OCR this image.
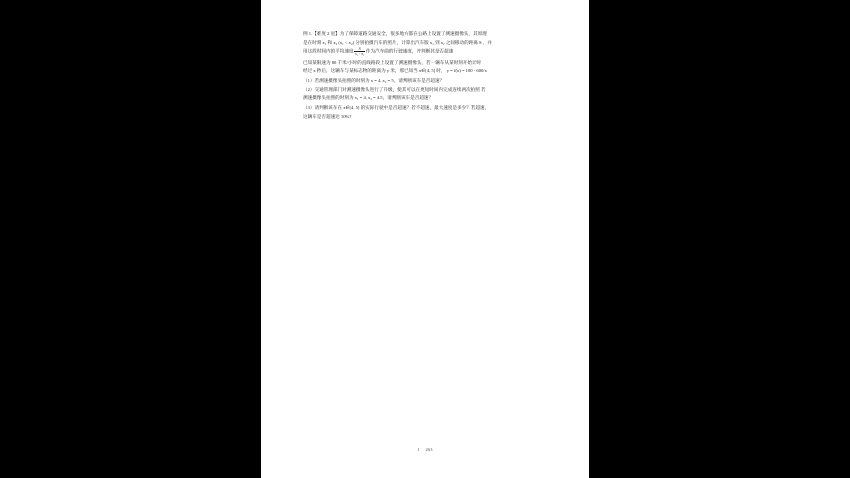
例 1.【难度 2 星】为了保障道路交通安全，很多地方都在公路上设置了测速摄像头，其原理

是在时刻 x₁ 和 x₂ (x₁ < x₂) 分别拍摄汽车的照片，计算出汽车版 x₁ 到 x₂ 之间移动的距离 S ，并

用这段时间内的平均速度 $\frac{S}{\text{x₂ - x₁}}$ 作为汽车曲的行驶速度，并判断其是否超速

已知某限速为 80 千米/小时的直线路段上设置了测速摄像头，若一辆车从某时刻开始计时

经过 x 秒后，这辆车与某标志物的距离为 y 米，那已知当 x∈[4, 5] 时， y = f(x) = 100 - 600/x

（1）若测速摄像头拍照的时刻为 x = 4, x₂ = 5，请判断该车是否超速？

（2）交通管理部门对测速摄像头进行了升级，使其可以在更短时间内完成连续两次拍照 若

测速摄像头拍照的时刻为 x₁ = 4, x₂ = 4.5，请判断该车是否超速？

（3）请判断该车在 x∈[4, 5] 的实际行驶中是否超速？若不超速，最大速度是多少？若超速，

这辆车是否超速达 10%?

1 263
